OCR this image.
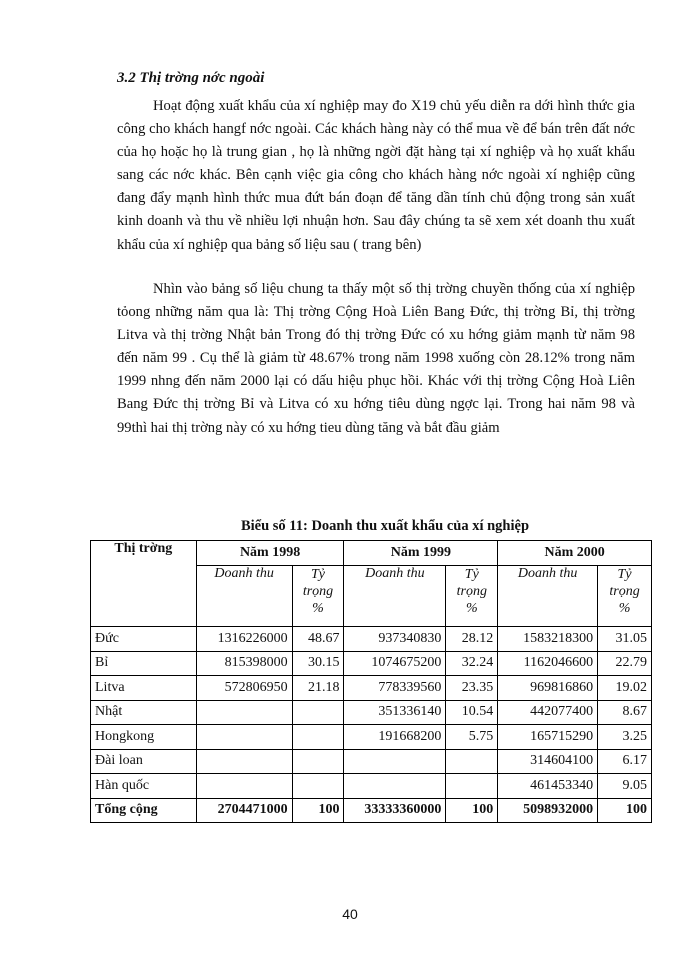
3.2 Thị trờng nớc ngoài

Hoạt động xuất khẩu của xí nghiệp may đo X19 chủ yếu diễn ra dới hình thức gia công cho khách hangf nớc ngoài. Các khách hàng này có thể mua về để bán trên đất nớc của họ hoặc họ là trung gian , họ là những ngời đặt hàng tại xí nghiệp và họ xuất khẩu sang các nớc khác. Bên cạnh việc gia công cho khách hàng nớc ngoài xí nghiệp cũng đang đẩy mạnh hình thức mua đứt bán đoạn để tăng dần tính chủ động trong sản xuất kinh doanh và thu về nhiều lợi nhuận hơn. Sau đây chúng ta sẽ xem xét doanh thu xuất khẩu của xí nghiệp qua bảng số liệu sau ( trang bên)

Nhìn vào bảng số liệu chung ta thấy một số thị trờng chuyền thống của xí nghiệp tỏong những năm qua là: Thị trờng Cộng Hoà Liên Bang Đức, thị trờng Bỉ, thị trờng Litva và thị trờng Nhật bản Trong đó thị trờng Đức có xu hớng giảm mạnh từ năm 98 đến năm 99 . Cụ thể là giảm từ 48.67% trong năm 1998 xuống còn 28.12% trong năm 1999 nhng đến năm 2000 lại có dấu hiệu phục hồi. Khác với thị trờng Cộng Hoà Liên Bang Đức thị trờng Bỉ và Litva có xu hớng tiêu dùng ngợc lại. Trong hai năm 98 và 99thì hai thị trờng này có xu hớng tieu dùng tăng và bắt đầu giảm

Biểu số 11: Doanh thu xuất khẩu của xí nghiệp
Thị trờng	Năm 1998		Năm 1999		Năm 2000	
	Doanh thu	Tỷ
trọng
%	Doanh thu	Tỷ
trọng
%	Doanh thu	Tỷ
trọng
%
Đức	1316226000	48.67	937340830	28.12	1583218300	31.05
Bỉ	815398000	30.15	1074675200	32.24	1162046600	22.79
Litva	572806950	21.18	778339560	23.35	969816860	19.02
Nhật			351336140	10.54	442077400	8.67
Hongkong			191668200	5.75	165715290	3.25
Đài loan					314604100	6.17
Hàn quốc					461453340	9.05
Tổng cộng	2704471000	100	33333360000	100	5098932000	100
40
